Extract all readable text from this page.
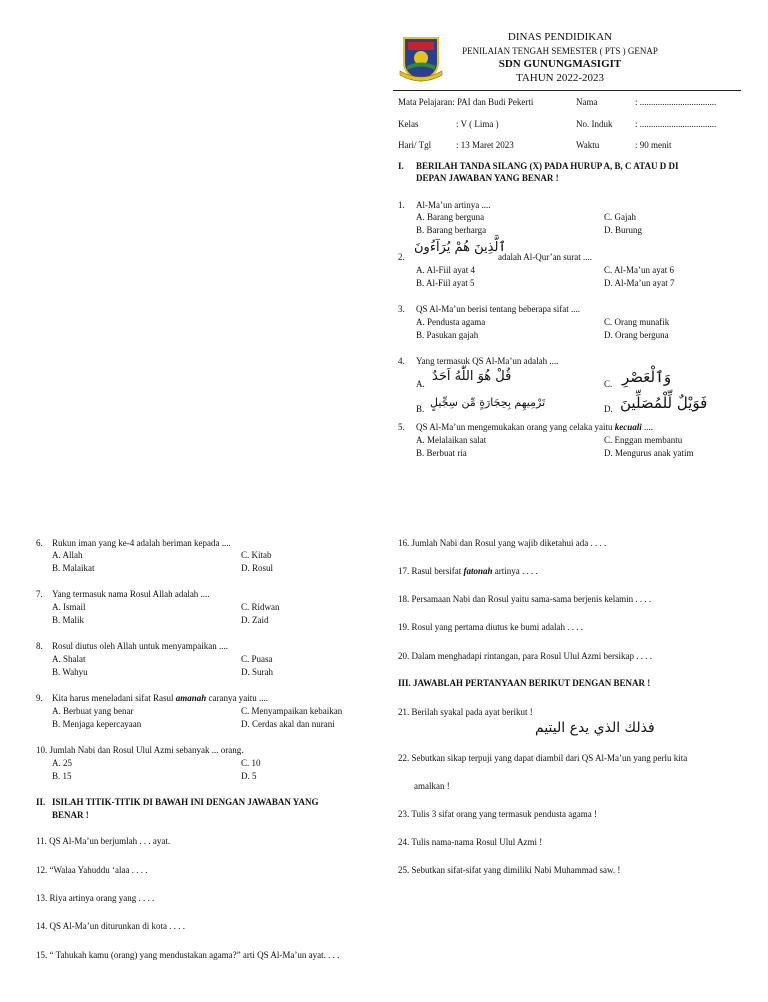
DINAS PENDIDIKAN
PENILAIAN TENGAH SEMESTER ( PTS ) GENAP
SDN GUNUNGMASIGIT
TAHUN 2022-2023
Mata Pelajaran: PAI dan Budi Pekerti	Nama	: ..................................
Kelas	: V ( Lima )	No. Induk	: ..................................
Hari/ Tgl	: 13 Maret 2023	Waktu	: 90 menit
I. BERILAH TANDA SILANG (X) PADA HURUP A, B, C ATAU D DI
DEPAN JAWABAN YANG BENAR !
1. Al-Ma’un artinya ....
A. Barang berguna
B. Barang berharga
C. Gajah
D. Burung
2.
ٱلَّذِينَ هُمْ يُرَآءُونَ
adalah Al-Qur’an surat ....
A. Al-Fiil ayat 4
B. Al-Fiil ayat 5
C. Al-Ma’un ayat 6
D. Al-Ma’un ayat 7
3. QS Al-Ma’un berisi tentang beberapa sifat ....
A. Pendusta agama
B. Pasukan gajah
C. Orang munafik
D. Orang berguna
4. Yang termasuk QS Al-Ma’un adalah ....
A. قُلْ هُوَ اللّٰهُ اَحَدٌ
B. تَرْمِيهِم بِحِجَارَةٍ مِّن سِجِّيلٍ
C. وَٱلْعَصْرِ
D. فَوَيْلٌ لِّلْمُصَلِّينَ
5. QS Al-Ma’un mengemukakan orang yang celaka yaitu kecuali ....
A. Melalaikan salat
B. Berbuat ria
C. Enggan membantu
D. Mengurus anak yatim
6. Rukun iman yang ke-4 adalah beriman kepada ....
A. Allah
B. Malaikat
C. Kitab
D. Rosul
7. Yang termasuk nama Rosul Allah adalah ....
A. Ismail
B. Malik
C. Ridwan
D. Zaid
8. Rosul diutus oleh Allah untuk menyampaikan ....
A. Shalat
B. Wahyu
C. Puasa
D. Surah
9. Kita harus meneladani sifat Rasul amanah caranya yaitu ....
A. Berbuat yang benar
B. Menjaga kepercayaan
C. Menyampaikan kebaikan
D. Cerdas akal dan nurani
10. Jumlah Nabi dan Rosul Ulul Azmi sebanyak ... orang.
A. 25
B. 15
C. 10
D. 5
II. ISILAH TITIK-TITIK DI BAWAH INI DENGAN JAWABAN YANG
BENAR !
11. QS Al-Ma’un berjumlah . . . ayat.
12. “Walaa Yahuddu ‘alaa . . . .
13. Riya artinya orang yang . . . .
14. QS Al-Ma’un diturunkan di kota . . . .
15. “ Tahukah kamu (orang) yang mendustakan agama?” arti QS Al-Ma’un ayat. . . .
16. Jumlah Nabi dan Rosul yang wajib diketahui ada . . . .
17. Rasul bersifat fatonah artinya . . . .
18. Persamaan Nabi dan Rosul yaitu sama-sama berjenis kelamin . . . .
19. Rosul yang pertama diutus ke bumi adalah . . . .
20. Dalam menghadapi rintangan, para Rosul Ulul Azmi bersikap . . . .
III. JAWABLAH PERTANYAAN BERIKUT DENGAN BENAR !
21. Berilah syakal pada ayat berikut !
فذلك الذي يدع اليتيم
22. Sebutkan sikap terpuji yang dapat diambil dari QS Al-Ma’un yang perlu kita
amalkan !
23. Tulis 3 sifat orang yang termasuk pendusta agama !
24. Tulis nama-nama Rosul Ulul Azmi !
25. Sebutkan sifat-sifat yang dimiliki Nabi Muhammad saw. !
